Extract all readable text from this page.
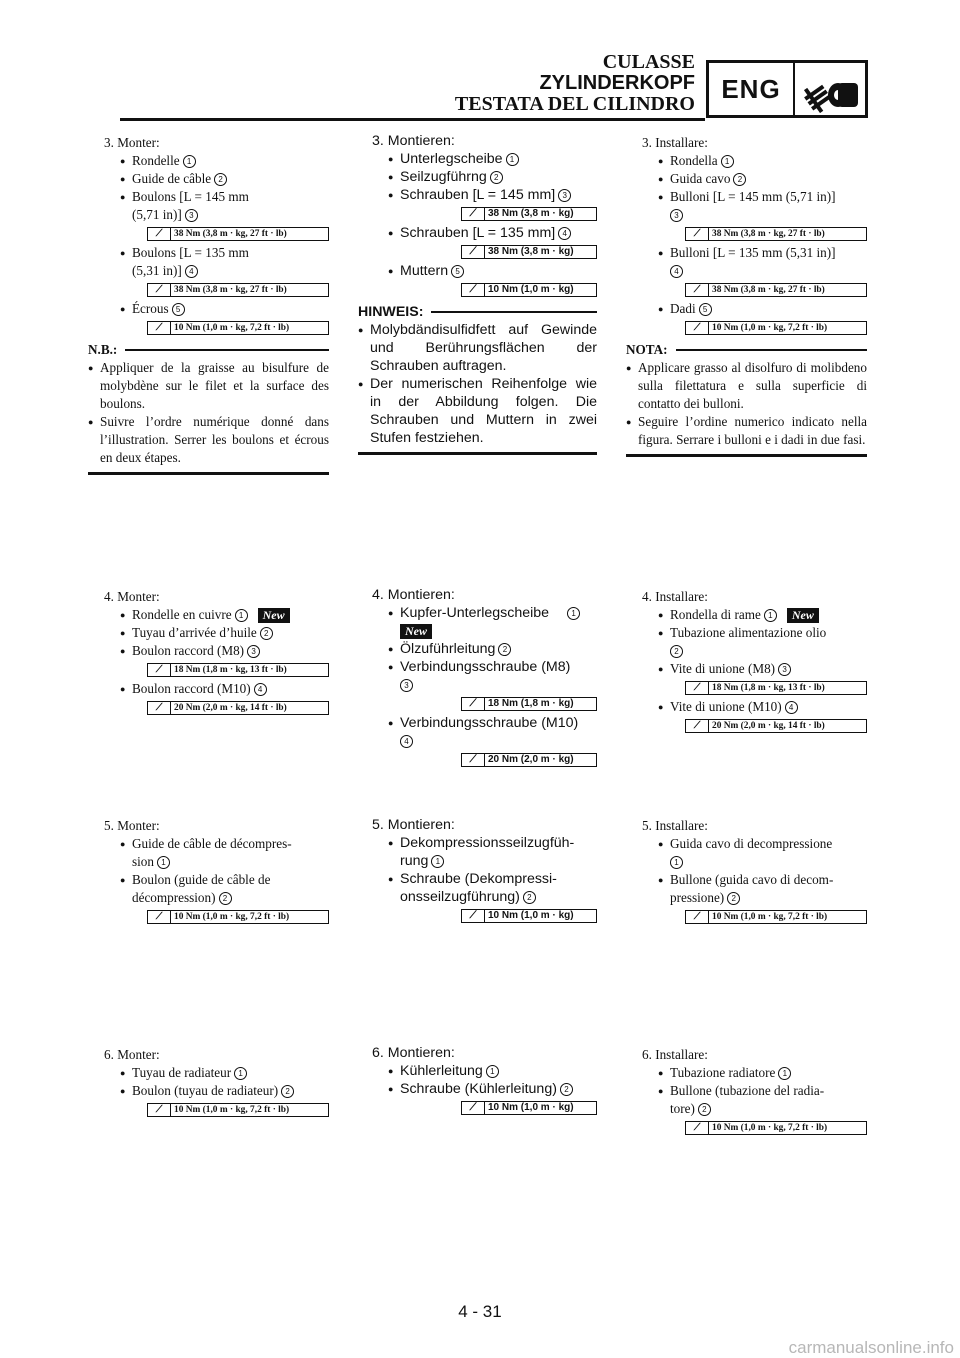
CULASSE
ZYLINDERKOPF
TESTATA DEL CILINDRO
ENG
3. Monter:
● Rondelle 1
● Guide de câble 2
● Boulons [L = 145 mm
(5,71 in)] 3
⟋	38 Nm (3,8 m · kg, 27 ft · lb)
● Boulons [L = 135 mm
(5,31 in)] 4
⟋	38 Nm (3,8 m · kg, 27 ft · lb)
● Écrous 5
⟋	10 Nm (1,0 m · kg, 7,2 ft · lb)
N.B.:
● Appliquer de la graisse au bisulfure de molybdène sur le filet et la surface des boulons.
● Suivre l’ordre numérique donné dans l’illustration. Serrer les boulons et écrous en deux étapes.
4. Monter:
● Rondelle en cuivre 1 New
● Tuyau d’arrivée d’huile 2
● Boulon raccord (M8) 3
⟋	18 Nm (1,8 m · kg, 13 ft · lb)
● Boulon raccord (M10) 4
⟋	20 Nm (2,0 m · kg, 14 ft · lb)
5. Monter:
● Guide de câble de décompres-
sion 1
● Boulon (guide de câble de
décompression) 2
⟋	10 Nm (1,0 m · kg, 7,2 ft · lb)
6. Monter:
● Tuyau de radiateur 1
● Boulon (tuyau de radiateur) 2
⟋	10 Nm (1,0 m · kg, 7,2 ft · lb)
3. Montieren:
● Unterlegscheibe 1
● Seilzugführng 2
● Schrauben [L = 145 mm] 3
⟋	38 Nm (3,8 m · kg)
● Schrauben [L = 135 mm] 4
⟋	38 Nm (3,8 m · kg)
● Muttern 5
⟋	10 Nm (1,0 m · kg)
HINWEIS:
● Molybdändisulfidfett auf Gewinde und Berührungsflächen der Schrauben auftragen.
● Der numerischen Reihenfolge wie in der Abbildung folgen. Die Schrauben und Muttern in zwei Stufen festziehen.
4. Montieren:
● Kupfer-Unterlegscheibe	1
New
● Ölzuführleitung 2
● Verbindungsschraube (M8)
3
⟋	18 Nm (1,8 m · kg)
● Verbindungsschraube (M10)
4
⟋	20 Nm (2,0 m · kg)
5. Montieren:
● Dekompressionsseilzugfüh-
rung 1
● Schraube (Dekompressi-
onsseilzugführung) 2
⟋	10 Nm (1,0 m · kg)
6. Montieren:
● Kühlerleitung 1
● Schraube (Kühlerleitung) 2
⟋	10 Nm (1,0 m · kg)
3. Installare:
● Rondella 1
● Guida cavo 2
● Bulloni [L = 145 mm (5,71 in)]
3
⟋	38 Nm (3,8 m · kg, 27 ft · lb)
● Bulloni [L = 135 mm (5,31 in)]
4
⟋	38 Nm (3,8 m · kg, 27 ft · lb)
● Dadi 5
⟋	10 Nm (1,0 m · kg, 7,2 ft · lb)
NOTA:
● Applicare grasso al disolfuro di molibdeno sulla filettatura e sulla superficie di contatto dei bulloni.
● Seguire l’ordine numerico indicato nella figura. Serrare i bulloni e i dadi in due fasi.
4. Installare:
● Rondella di rame 1 New
● Tubazione alimentazione olio
2
● Vite di unione (M8) 3
⟋	18 Nm (1,8 m · kg, 13 ft · lb)
● Vite di unione (M10) 4
⟋	20 Nm (2,0 m · kg, 14 ft · lb)
5. Installare:
● Guida cavo di decompressione
1
● Bullone (guida cavo di decom-
pressione) 2
⟋	10 Nm (1,0 m · kg, 7,2 ft · lb)
6. Installare:
● Tubazione radiatore 1
● Bullone (tubazione del radia-
tore) 2
⟋	10 Nm (1,0 m · kg, 7,2 ft · lb)
4 - 31
carmanualsonline.info
